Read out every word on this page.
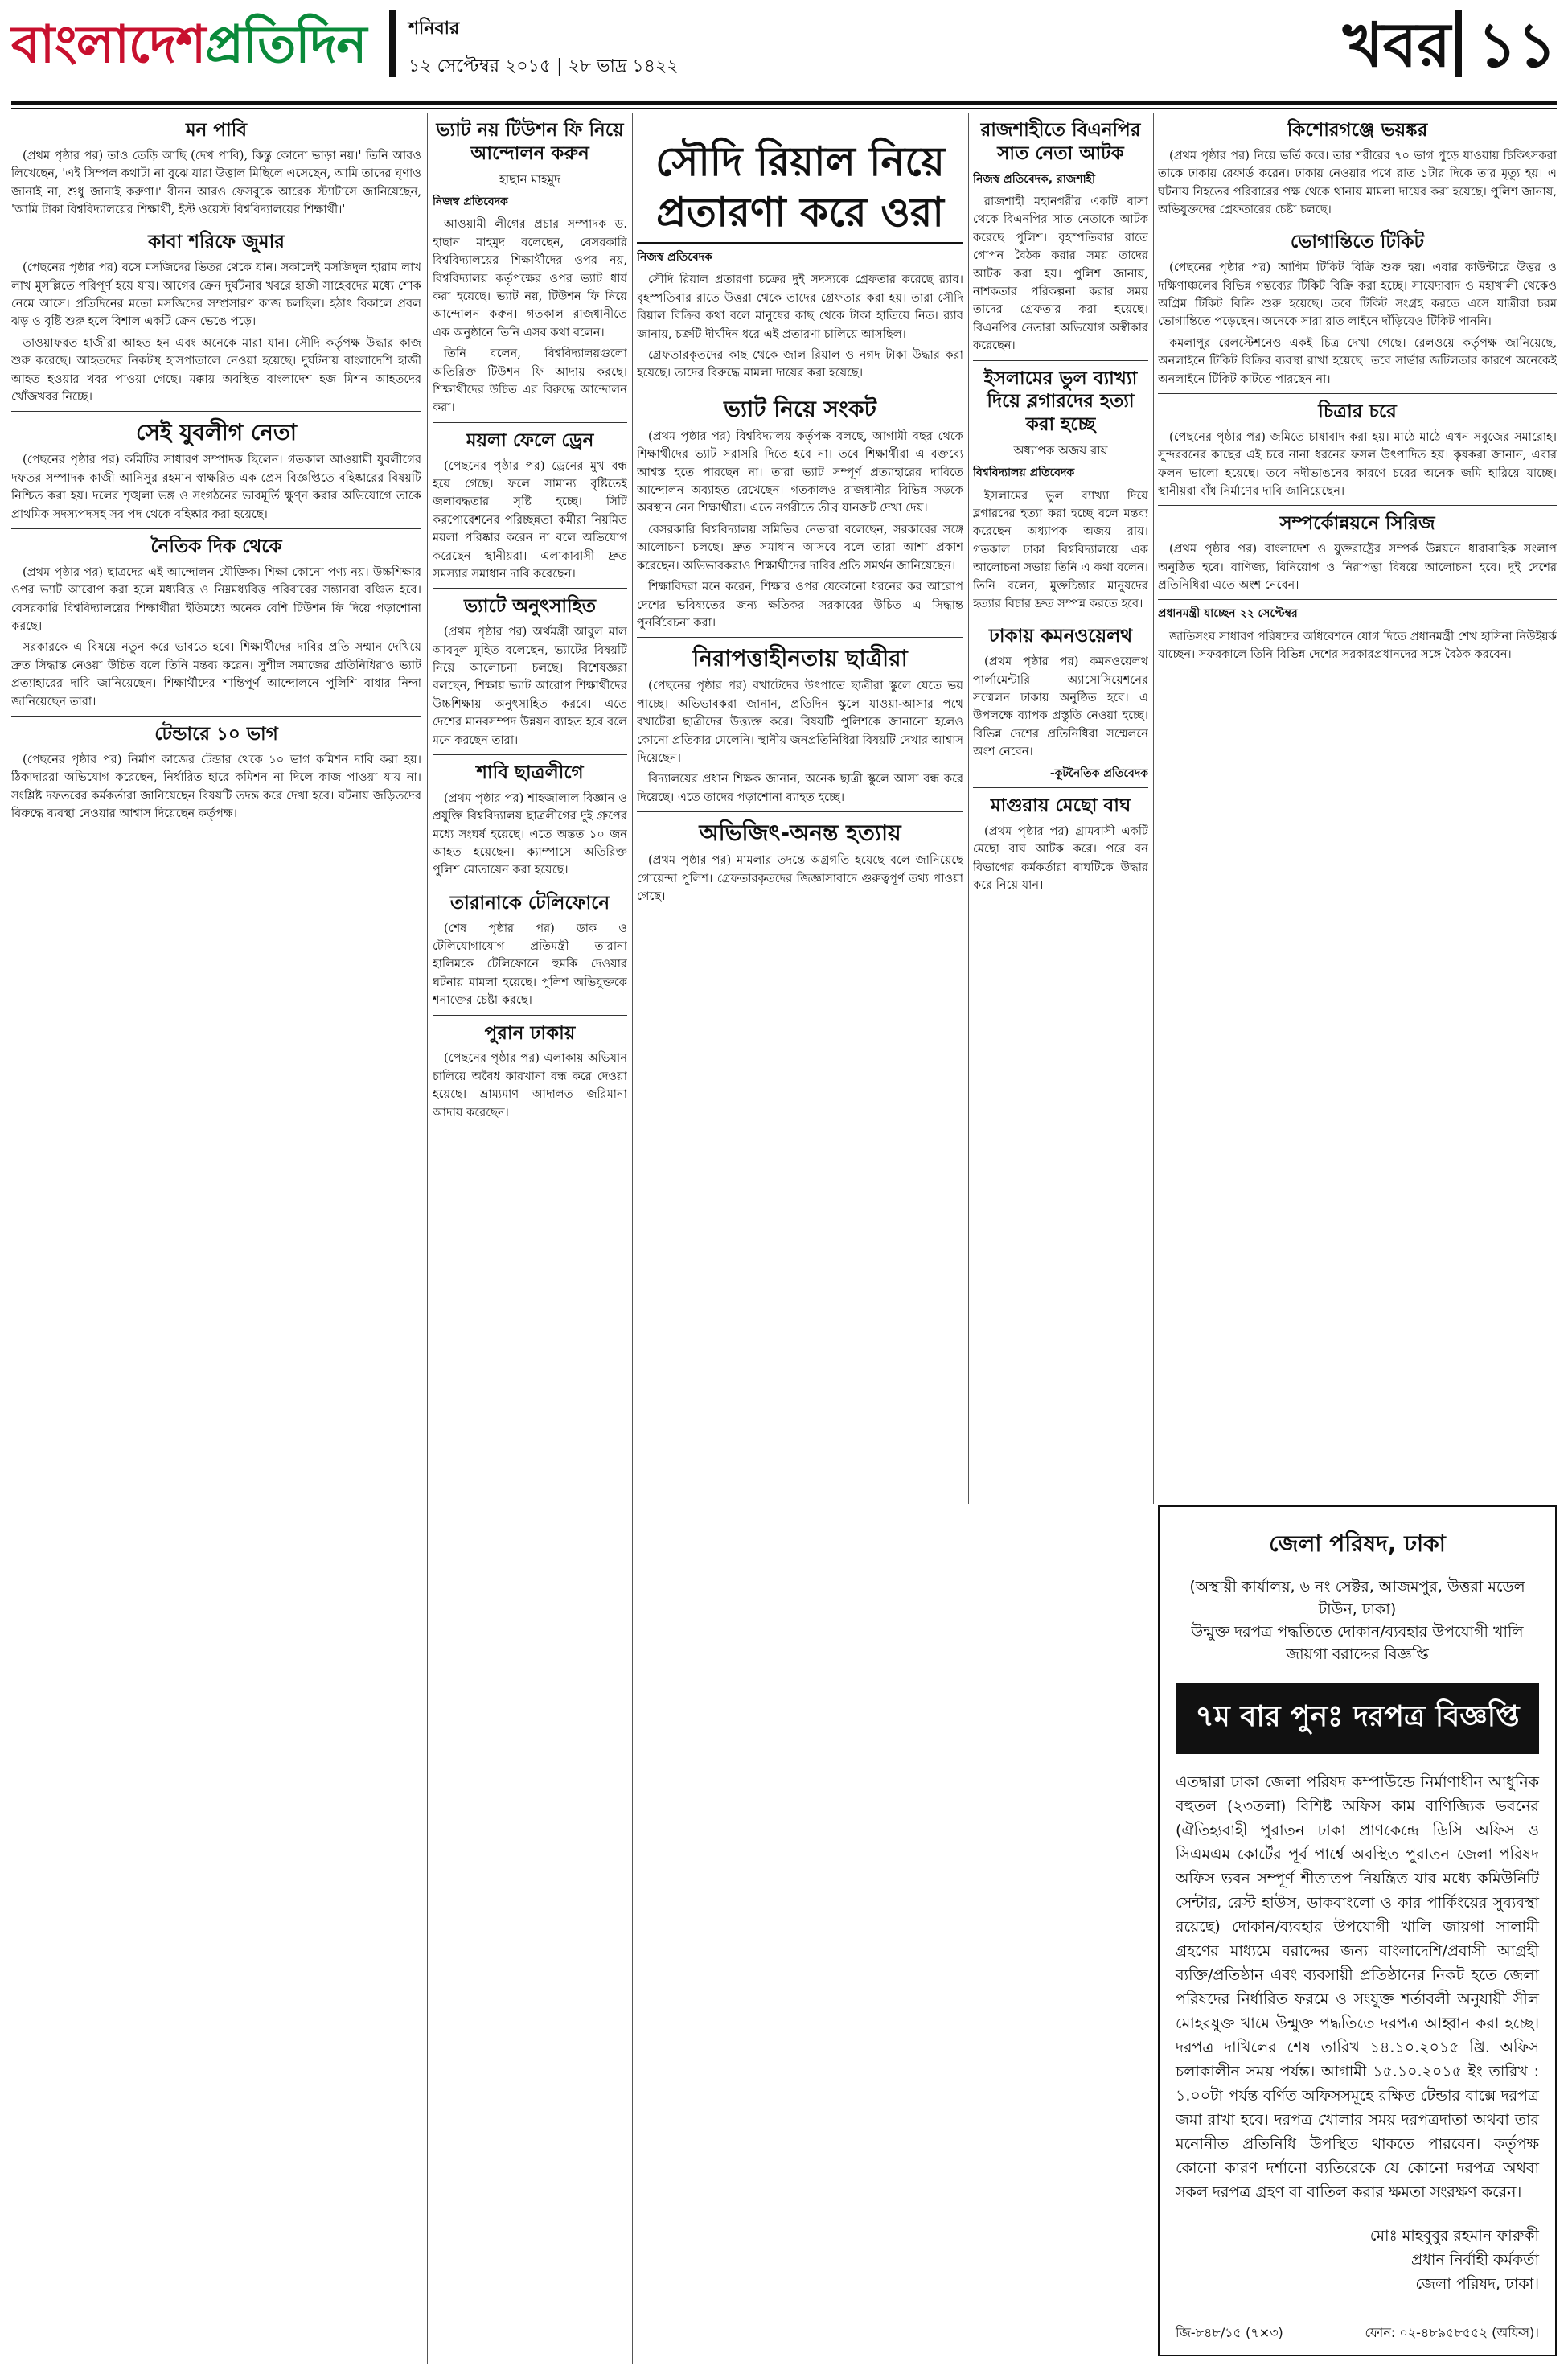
বাংলাদেশপ্রতিদিন শনিবার
১২ সেপ্টেম্বর ২০১৫ | ২৮ ভাদ্র ১৪২২	খবর ১১
মন পাবি

(প্রথম পৃষ্ঠার পর) তাও তেড়ি আছি (দেখ পাবি), কিন্তু কোনো ভাড়া নয়।' তিনি আরও লিখেছেন, 'এই সিম্পল কথাটা না বুঝে যারা উত্তাল মিছিলে এসেছেন, আমি তাদের ঘৃণাও জানাই না, শুধু জানাই করুণা।' বীনন আরও ফেসবুকে আরেক স্ট্যাটাসে জানিয়েছেন, 'আমি টাকা বিশ্ববিদ্যালয়ের শিক্ষার্থী, ইস্ট ওয়েস্ট বিশ্ববিদ্যালয়ের শিক্ষার্থী।'

কাবা শরিফে জুমার

(পেছনের পৃষ্ঠার পর) বসে মসজিদের ভিতর থেকে যান। সকালেই মসজিদুল হারাম লাখ লাখ মুসল্লিতে পরিপূর্ণ হয়ে যায়। আগের ক্রেন দুর্ঘটনার খবরে হাজী সাহেবদের মধ্যে শোক নেমে আসে। প্রতিদিনের মতো মসজিদের সম্প্রসারণ কাজ চলছিল। হঠাৎ বিকালে প্রবল ঝড় ও বৃষ্টি শুরু হলে বিশাল একটি ক্রেন ভেঙে পড়ে।

তাওয়াফরত হাজীরা আহত হন এবং অনেকে মারা যান। সৌদি কর্তৃপক্ষ উদ্ধার কাজ শুরু করেছে। আহতদের নিকটস্থ হাসপাতালে নেওয়া হয়েছে। দুর্ঘটনায় বাংলাদেশি হাজী আহত হওয়ার খবর পাওয়া গেছে। মক্কায় অবস্থিত বাংলাদেশ হজ মিশন আহতদের খোঁজখবর নিচ্ছে।

সেই যুবলীগ নেতা

(পেছনের পৃষ্ঠার পর) কমিটির সাধারণ সম্পাদক ছিলেন। গতকাল আওয়ামী যুবলীগের দফতর সম্পাদক কাজী আনিসুর রহমান স্বাক্ষরিত এক প্রেস বিজ্ঞপ্তিতে বহিষ্কারের বিষয়টি নিশ্চিত করা হয়। দলের শৃঙ্খলা ভঙ্গ ও সংগঠনের ভাবমূর্তি ক্ষুণ্ন করার অভিযোগে তাকে প্রাথমিক সদস্যপদসহ সব পদ থেকে বহিষ্কার করা হয়েছে।

নৈতিক দিক থেকে

(প্রথম পৃষ্ঠার পর) ছাত্রদের এই আন্দোলন যৌক্তিক। শিক্ষা কোনো পণ্য নয়। উচ্চশিক্ষার ওপর ভ্যাট আরোপ করা হলে মধ্যবিত্ত ও নিম্নমধ্যবিত্ত পরিবারের সন্তানরা বঞ্চিত হবে। বেসরকারি বিশ্ববিদ্যালয়ের শিক্ষার্থীরা ইতিমধ্যে অনেক বেশি টিউশন ফি দিয়ে পড়াশোনা করছে।

সরকারকে এ বিষয়ে নতুন করে ভাবতে হবে। শিক্ষার্থীদের দাবির প্রতি সম্মান দেখিয়ে দ্রুত সিদ্ধান্ত নেওয়া উচিত বলে তিনি মন্তব্য করেন। সুশীল সমাজের প্রতিনিধিরাও ভ্যাট প্রত্যাহারের দাবি জানিয়েছেন। শিক্ষার্থীদের শান্তিপূর্ণ আন্দোলনে পুলিশি বাধার নিন্দা জানিয়েছেন তারা।

টেন্ডারে ১০ ভাগ

(পেছনের পৃষ্ঠার পর) নির্মাণ কাজের টেন্ডার থেকে ১০ ভাগ কমিশন দাবি করা হয়। ঠিকাদাররা অভিযোগ করেছেন, নির্ধারিত হারে কমিশন না দিলে কাজ পাওয়া যায় না। সংশ্লিষ্ট দফতরের কর্মকর্তারা জানিয়েছেন বিষয়টি তদন্ত করে দেখা হবে। ঘটনায় জড়িতদের বিরুদ্ধে ব্যবস্থা নেওয়ার আশ্বাস দিয়েছেন কর্তৃপক্ষ।

ভ্যাট নয় টিউশন ফি নিয়ে আন্দোলন করুন
হাছান মাহমুদ
নিজস্ব প্রতিবেদক

আওয়ামী লীগের প্রচার সম্পাদক ড. হাছান মাহমুদ বলেছেন, বেসরকারি বিশ্ববিদ্যালয়ের শিক্ষার্থীদের ওপর নয়, বিশ্ববিদ্যালয় কর্তৃপক্ষের ওপর ভ্যাট ধার্য করা হয়েছে। ভ্যাট নয়, টিউশন ফি নিয়ে আন্দোলন করুন। গতকাল রাজধানীতে এক অনুষ্ঠানে তিনি এসব কথা বলেন।

তিনি বলেন, বিশ্ববিদ্যালয়গুলো অতিরিক্ত টিউশন ফি আদায় করছে। শিক্ষার্থীদের উচিত এর বিরুদ্ধে আন্দোলন করা।

ময়লা ফেলে ড্রেন

(পেছনের পৃষ্ঠার পর) ড্রেনের মুখ বন্ধ হয়ে গেছে। ফলে সামান্য বৃষ্টিতেই জলাবদ্ধতার সৃষ্টি হচ্ছে। সিটি করপোরেশনের পরিচ্ছন্নতা কর্মীরা নিয়মিত ময়লা পরিষ্কার করেন না বলে অভিযোগ করেছেন স্থানীয়রা। এলাকাবাসী দ্রুত সমস্যার সমাধান দাবি করেছেন।

ভ্যাটে অনুৎসাহিত

(প্রথম পৃষ্ঠার পর) অর্থমন্ত্রী আবুল মাল আবদুল মুহিত বলেছেন, ভ্যাটের বিষয়টি নিয়ে আলোচনা চলছে। বিশেষজ্ঞরা বলছেন, শিক্ষায় ভ্যাট আরোপ শিক্ষার্থীদের উচ্চশিক্ষায় অনুৎসাহিত করবে। এতে দেশের মানবসম্পদ উন্নয়ন ব্যাহত হবে বলে মনে করছেন তারা।

শাবি ছাত্রলীগে

(প্রথম পৃষ্ঠার পর) শাহজালাল বিজ্ঞান ও প্রযুক্তি বিশ্ববিদ্যালয় ছাত্রলীগের দুই গ্রুপের মধ্যে সংঘর্ষ হয়েছে। এতে অন্তত ১০ জন আহত হয়েছেন। ক্যাম্পাসে অতিরিক্ত পুলিশ মোতায়েন করা হয়েছে।

তারানাকে টেলিফোনে

(শেষ পৃষ্ঠার পর) ডাক ও টেলিযোগাযোগ প্রতিমন্ত্রী তারানা হালিমকে টেলিফোনে হুমকি দেওয়ার ঘটনায় মামলা হয়েছে। পুলিশ অভিযুক্তকে শনাক্তের চেষ্টা করছে।

পুরান ঢাকায়

(পেছনের পৃষ্ঠার পর) এলাকায় অভিযান চালিয়ে অবৈধ কারখানা বন্ধ করে দেওয়া হয়েছে। ভ্রাম্যমাণ আদালত জরিমানা আদায় করেছেন।

সৌদি রিয়াল নিয়ে প্রতারণা করে ওরা
নিজস্ব প্রতিবেদক

সৌদি রিয়াল প্রতারণা চক্রের দুই সদস্যকে গ্রেফতার করেছে র‌্যাব। বৃহস্পতিবার রাতে উত্তরা থেকে তাদের গ্রেফতার করা হয়। তারা সৌদি রিয়াল বিক্রির কথা বলে মানুষের কাছ থেকে টাকা হাতিয়ে নিত। র‌্যাব জানায়, চক্রটি দীর্ঘদিন ধরে এই প্রতারণা চালিয়ে আসছিল।

গ্রেফতারকৃতদের কাছ থেকে জাল রিয়াল ও নগদ টাকা উদ্ধার করা হয়েছে। তাদের বিরুদ্ধে মামলা দায়ের করা হয়েছে।

ভ্যাট নিয়ে সংকট

(প্রথম পৃষ্ঠার পর) বিশ্ববিদ্যালয় কর্তৃপক্ষ বলছে, আগামী বছর থেকে শিক্ষার্থীদের ভ্যাট সরাসরি দিতে হবে না। তবে শিক্ষার্থীরা এ বক্তব্যে আশ্বস্ত হতে পারছেন না। তারা ভ্যাট সম্পূর্ণ প্রত্যাহারের দাবিতে আন্দোলন অব্যাহত রেখেছেন। গতকালও রাজধানীর বিভিন্ন সড়কে অবস্থান নেন শিক্ষার্থীরা। এতে নগরীতে তীব্র যানজট দেখা দেয়।

বেসরকারি বিশ্ববিদ্যালয় সমিতির নেতারা বলেছেন, সরকারের সঙ্গে আলোচনা চলছে। দ্রুত সমাধান আসবে বলে তারা আশা প্রকাশ করেছেন। অভিভাবকরাও শিক্ষার্থীদের দাবির প্রতি সমর্থন জানিয়েছেন।

শিক্ষাবিদরা মনে করেন, শিক্ষার ওপর যেকোনো ধরনের কর আরোপ দেশের ভবিষ্যতের জন্য ক্ষতিকর। সরকারের উচিত এ সিদ্ধান্ত পুনর্বিবেচনা করা।

নিরাপত্তাহীনতায় ছাত্রীরা

(পেছনের পৃষ্ঠার পর) বখাটেদের উৎপাতে ছাত্রীরা স্কুলে যেতে ভয় পাচ্ছে। অভিভাবকরা জানান, প্রতিদিন স্কুলে যাওয়া-আসার পথে বখাটেরা ছাত্রীদের উত্ত্যক্ত করে। বিষয়টি পুলিশকে জানানো হলেও কোনো প্রতিকার মেলেনি। স্থানীয় জনপ্রতিনিধিরা বিষয়টি দেখার আশ্বাস দিয়েছেন।

বিদ্যালয়ের প্রধান শিক্ষক জানান, অনেক ছাত্রী স্কুলে আসা বন্ধ করে দিয়েছে। এতে তাদের পড়াশোনা ব্যাহত হচ্ছে।

অভিজিৎ-অনন্ত হত্যায়

(প্রথম পৃষ্ঠার পর) মামলার তদন্তে অগ্রগতি হয়েছে বলে জানিয়েছে গোয়েন্দা পুলিশ। গ্রেফতারকৃতদের জিজ্ঞাসাবাদে গুরুত্বপূর্ণ তথ্য পাওয়া গেছে।

রাজশাহীতে বিএনপির সাত নেতা আটক
নিজস্ব প্রতিবেদক, রাজশাহী

রাজশাহী মহানগরীর একটি বাসা থেকে বিএনপির সাত নেতাকে আটক করেছে পুলিশ। বৃহস্পতিবার রাতে গোপন বৈঠক করার সময় তাদের আটক করা হয়। পুলিশ জানায়, নাশকতার পরিকল্পনা করার সময় তাদের গ্রেফতার করা হয়েছে। বিএনপির নেতারা অভিযোগ অস্বীকার করেছেন।

ইসলামের ভুল ব্যাখ্যা দিয়ে ব্লগারদের হত্যা করা হচ্ছে
অধ্যাপক অজয় রায়
বিশ্ববিদ্যালয় প্রতিবেদক

ইসলামের ভুল ব্যাখ্যা দিয়ে ব্লগারদের হত্যা করা হচ্ছে বলে মন্তব্য করেছেন অধ্যাপক অজয় রায়। গতকাল ঢাকা বিশ্ববিদ্যালয়ে এক আলোচনা সভায় তিনি এ কথা বলেন। তিনি বলেন, মুক্তচিন্তার মানুষদের হত্যার বিচার দ্রুত সম্পন্ন করতে হবে।

ঢাকায় কমনওয়েলথ

(প্রথম পৃষ্ঠার পর) কমনওয়েলথ পার্লামেন্টারি অ্যাসোসিয়েশনের সম্মেলন ঢাকায় অনুষ্ঠিত হবে। এ উপলক্ষে ব্যাপক প্রস্তুতি নেওয়া হচ্ছে। বিভিন্ন দেশের প্রতিনিধিরা সম্মেলনে অংশ নেবেন।

-কূটনৈতিক প্রতিবেদক
মাগুরায় মেছো বাঘ

(প্রথম পৃষ্ঠার পর) গ্রামবাসী একটি মেছো বাঘ আটক করে। পরে বন বিভাগের কর্মকর্তারা বাঘটিকে উদ্ধার করে নিয়ে যান।

কিশোরগঞ্জে ভয়ঙ্কর

(প্রথম পৃষ্ঠার পর) নিয়ে ভর্তি করে। তার শরীরের ৭০ ভাগ পুড়ে যাওয়ায় চিকিৎসকরা তাকে ঢাকায় রেফার্ড করেন। ঢাকায় নেওয়ার পথে রাত ১টার দিকে তার মৃত্যু হয়। এ ঘটনায় নিহতের পরিবারের পক্ষ থেকে থানায় মামলা দায়ের করা হয়েছে। পুলিশ জানায়, অভিযুক্তদের গ্রেফতারের চেষ্টা চলছে।

ভোগান্তিতে টিকিট

(পেছনের পৃষ্ঠার পর) আগিম টিকিট বিক্রি শুরু হয়। এবার কাউন্টারে উত্তর ও দক্ষিণাঞ্চলের বিভিন্ন গন্তব্যের টিকিট বিক্রি করা হচ্ছে। সায়েদাবাদ ও মহাখালী থেকেও অগ্রিম টিকিট বিক্রি শুরু হয়েছে। তবে টিকিট সংগ্রহ করতে এসে যাত্রীরা চরম ভোগান্তিতে পড়েছেন। অনেকে সারা রাত লাইনে দাঁড়িয়েও টিকিট পাননি।

কমলাপুর রেলস্টেশনেও একই চিত্র দেখা গেছে। রেলওয়ে কর্তৃপক্ষ জানিয়েছে, অনলাইনে টিকিট বিক্রির ব্যবস্থা রাখা হয়েছে। তবে সার্ভার জটিলতার কারণে অনেকেই অনলাইনে টিকিট কাটতে পারছেন না।

চিত্রার চরে

(পেছনের পৃষ্ঠার পর) জমিতে চাষাবাদ করা হয়। মাঠে মাঠে এখন সবুজের সমারোহ। সুন্দরবনের কাছের এই চরে নানা ধরনের ফসল উৎপাদিত হয়। কৃষকরা জানান, এবার ফলন ভালো হয়েছে। তবে নদীভাঙনের কারণে চরের অনেক জমি হারিয়ে যাচ্ছে। স্থানীয়রা বাঁধ নির্মাণের দাবি জানিয়েছেন।

সম্পর্কোন্নয়নে সিরিজ

(প্রথম পৃষ্ঠার পর) বাংলাদেশ ও যুক্তরাষ্ট্রের সম্পর্ক উন্নয়নে ধারাবাহিক সংলাপ অনুষ্ঠিত হবে। বাণিজ্য, বিনিয়োগ ও নিরাপত্তা বিষয়ে আলোচনা হবে। দুই দেশের প্রতিনিধিরা এতে অংশ নেবেন।

প্রধানমন্ত্রী যাচ্ছেন ২২ সেপ্টেম্বর

জাতিসংঘ সাধারণ পরিষদের অধিবেশনে যোগ দিতে প্রধানমন্ত্রী শেখ হাসিনা নিউইয়র্ক যাচ্ছেন। সফরকালে তিনি বিভিন্ন দেশের সরকারপ্রধানদের সঙ্গে বৈঠক করবেন।

জেলা পরিষদ, ঢাকা
(অস্থায়ী কার্যালয়, ৬ নং সেক্টর, আজমপুর, উত্তরা মডেল টাউন, ঢাকা)
উন্মুক্ত দরপত্র পদ্ধতিতে দোকান/ব্যবহার উপযোগী খালি জায়গা বরাদ্দের বিজ্ঞপ্তি
৭ম বার পুনঃ দরপত্র বিজ্ঞপ্তি
এতদ্বারা ঢাকা জেলা পরিষদ কম্পাউন্ডে নির্মাণাধীন আধুনিক বহুতল (২৩তলা) বিশিষ্ট অফিস কাম বাণিজ্যিক ভবনের (ঐতিহ্যবাহী পুরাতন ঢাকা প্রাণকেন্দ্রে ডিসি অফিস ও সিএমএম কোর্টের পূর্ব পার্শ্বে অবস্থিত পুরাতন জেলা পরিষদ অফিস ভবন সম্পূর্ণ শীতাতপ নিয়ন্ত্রিত যার মধ্যে কমিউনিটি সেন্টার, রেস্ট হাউস, ডাকবাংলো ও কার পার্কিংয়ের সুব্যবস্থা রয়েছে) দোকান/ব্যবহার উপযোগী খালি জায়গা সালামী গ্রহণের মাধ্যমে বরাদ্দের জন্য বাংলাদেশি/প্রবাসী আগ্রহী ব্যক্তি/প্রতিষ্ঠান এবং ব্যবসায়ী প্রতিষ্ঠানের নিকট হতে জেলা পরিষদের নির্ধারিত ফরমে ও সংযুক্ত শর্তাবলী অনুযায়ী সীল মোহরযুক্ত খামে উন্মুক্ত পদ্ধতিতে দরপত্র আহ্বান করা হচ্ছে। দরপত্র দাখিলের শেষ তারিখ ১৪.১০.২০১৫ খ্রি. অফিস চলাকালীন সময় পর্যন্ত। আগামী ১৫.১০.২০১৫ ইং তারিখ : ১.০০টা পর্যন্ত বর্ণিত অফিসসমূহে রক্ষিত টেন্ডার বাক্সে দরপত্র জমা রাখা হবে। দরপত্র খোলার সময় দরপত্রদাতা অথবা তার মনোনীত প্রতিনিধি উপস্থিত থাকতে পারবেন। কর্তৃপক্ষ কোনো কারণ দর্শানো ব্যতিরেকে যে কোনো দরপত্র অথবা সকল দরপত্র গ্রহণ বা বাতিল করার ক্ষমতা সংরক্ষণ করেন।
মোঃ মাহবুবুর রহমান ফারুকী
প্রধান নির্বাহী কর্মকর্তা
জেলা পরিষদ, ঢাকা।
জি-৮৪৮/১৫ (৭×৩)	ফোন: ০২-৪৮৯৫৮৫৫২ (অফিস)।
